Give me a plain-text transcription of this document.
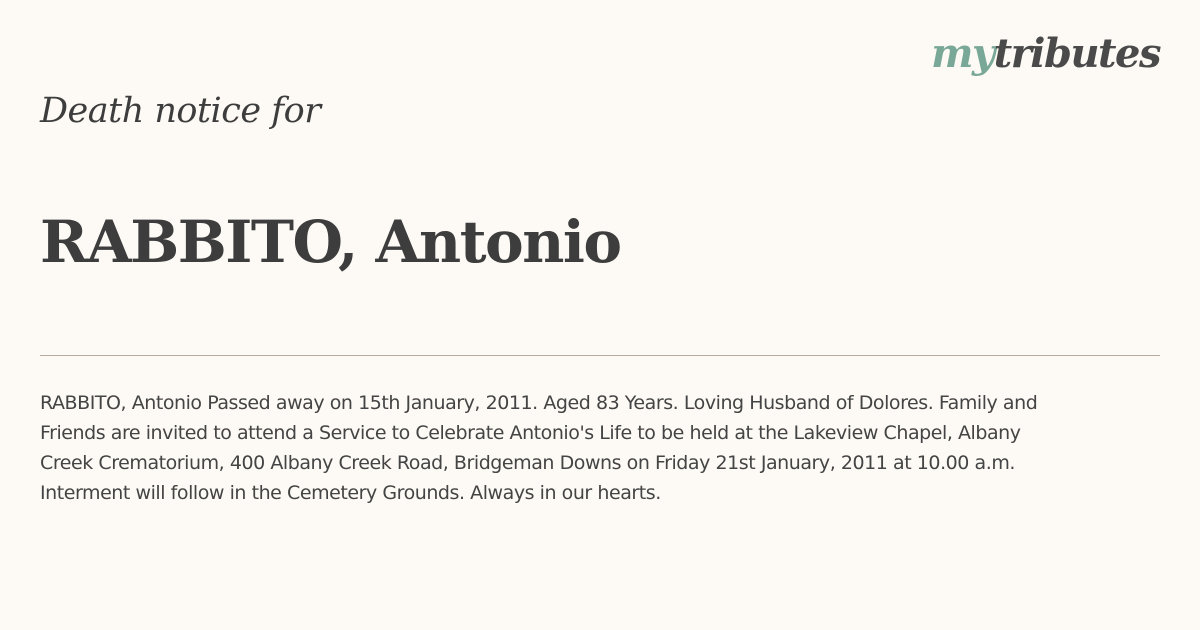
mytributes
Death notice for
RABBITO, Antonio

RABBITO, Antonio Passed away on 15th January, 2011. Aged 83 Years. Loving Husband of Dolores. Family and
Friends are invited to attend a Service to Celebrate Antonio's Life to be held at the Lakeview Chapel, Albany
Creek Crematorium, 400 Albany Creek Road, Bridgeman Downs on Friday 21st January, 2011 at 10.00 a.m.
Interment will follow in the Cemetery Grounds. Always in our hearts.
